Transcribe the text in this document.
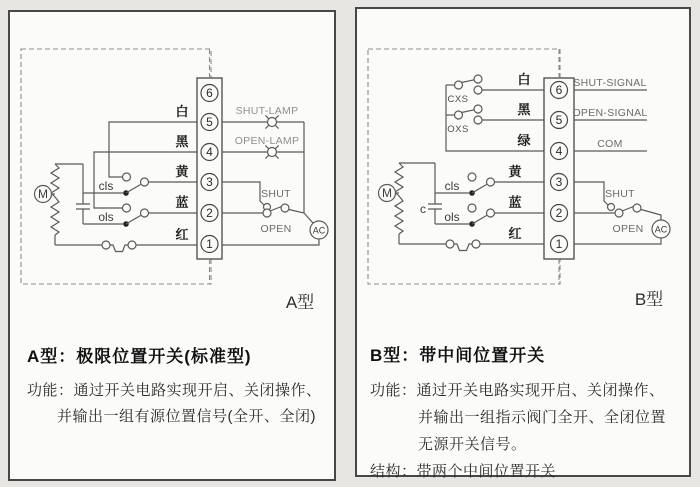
M
cls
ols
白
黑
黄
蓝
红
6
5
4
3
2
1
SHUT-LAMP
OPEN-LAMP
SHUT
OPEN AC
A型
A型：极限位置开关(标准型)
功能： 通过开关电路实现开启、关闭操作、
并输出一组有源位置信号(全开、全闭)
M
c
CXS
OXS
cls
ols
白
黑
绿
黄
蓝
红
6
5
4
3
2
1
SHUT-SIGNAL
OPEN-SIGNAL
COM
SHUT
OPEN AC
B型
B型：带中间位置开关
功能： 通过开关电路实现开启、关闭操作、
并输出一组指示阀门全开、全闭位置
无源开关信号。
结构： 带两个中间位置开关
